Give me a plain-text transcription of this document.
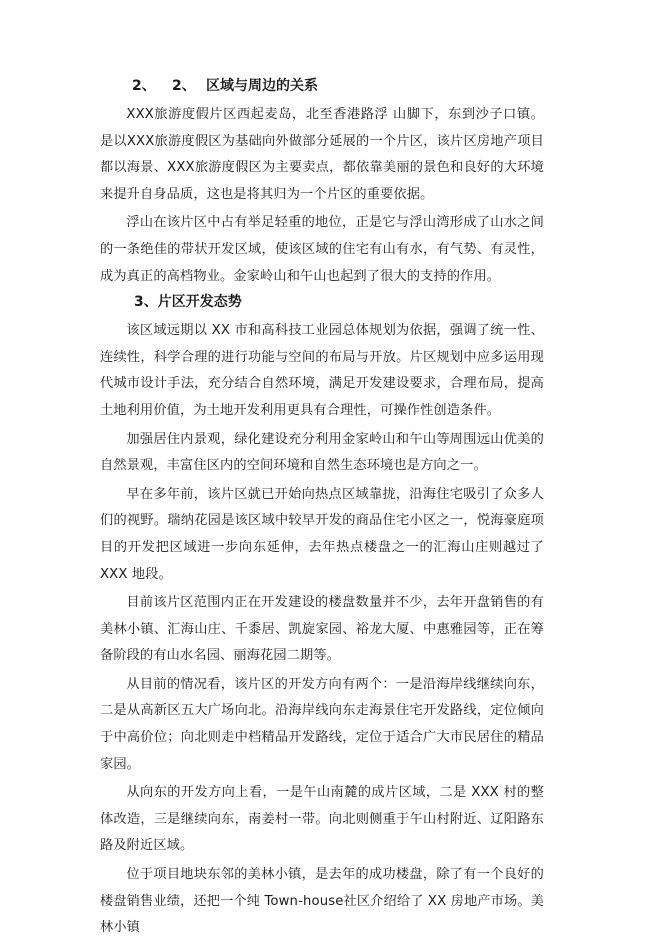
2、	2、 区域与周边的关系

XXX旅游度假片区西起麦岛，北至香港路浮 山脚下，东到沙子口镇。是以XXX旅游度假区为基础向外做部分延展的一个片区，该片区房地产项目都以海景、XXX旅游度假区为主要卖点，都依靠美丽的景色和良好的大环境来提升自身品质，这也是将其归为一个片区的重要依据。

浮山在该片区中占有举足轻重的地位，正是它与浮山湾形成了山水之间的一条绝佳的带状开发区域，使该区域的住宅有山有水，有气势、有灵性，成为真正的高档物业。金家岭山和午山也起到了很大的支持的作用。

3、 片区开发态势

该区域远期以 XX 市和高科技工业园总体规划为依据，强调了统一性、连续性，科学合理的进行功能与空间的布局与开放。片区规划中应多运用现代城市设计手法，充分结合自然环境，满足开发建设要求，合理布局，提高土地利用价值，为土地开发利用更具有合理性，可操作性创造条件。

加强居住内景观，绿化建设充分利用金家岭山和午山等周围远山优美的自然景观，丰富住区内的空间环境和自然生态环境也是方向之一。

早在多年前，该片区就已开始向热点区域靠拢，沿海住宅吸引了众多人们的视野。瑞纳花园是该区域中较早开发的商品住宅小区之一，悦海豪庭项目的开发把区域进一步向东延伸，去年热点楼盘之一的汇海山庄则越过了 XXX 地段。

目前该片区范围内正在开发建设的楼盘数量并不少，去年开盘销售的有美林小镇、汇海山庄、千黍居、凯旋家园、裕龙大厦、中惠雅园等，正在筹备阶段的有山水名园、丽海花园二期等。

从目前的情况看，该片区的开发方向有两个：一是沿海岸线继续向东，二是从高新区五大广场向北。沿海岸线向东走海景住宅开发路线，定位倾向于中高价位；向北则走中档精品开发路线，定位于适合广大市民居住的精品家园。

从向东的开发方向上看，一是午山南麓的成片区域，二是 XXX 村的整体改造，三是继续向东，南姜村一带。向北则侧重于午山村附近、辽阳路东路及附近区域。

位于项目地块东邻的美林小镇，是去年的成功楼盘，除了有一个良好的楼盘销售业绩，还把一个纯 Town-house社区介绍给了 XX 房地产市场。美林小镇
